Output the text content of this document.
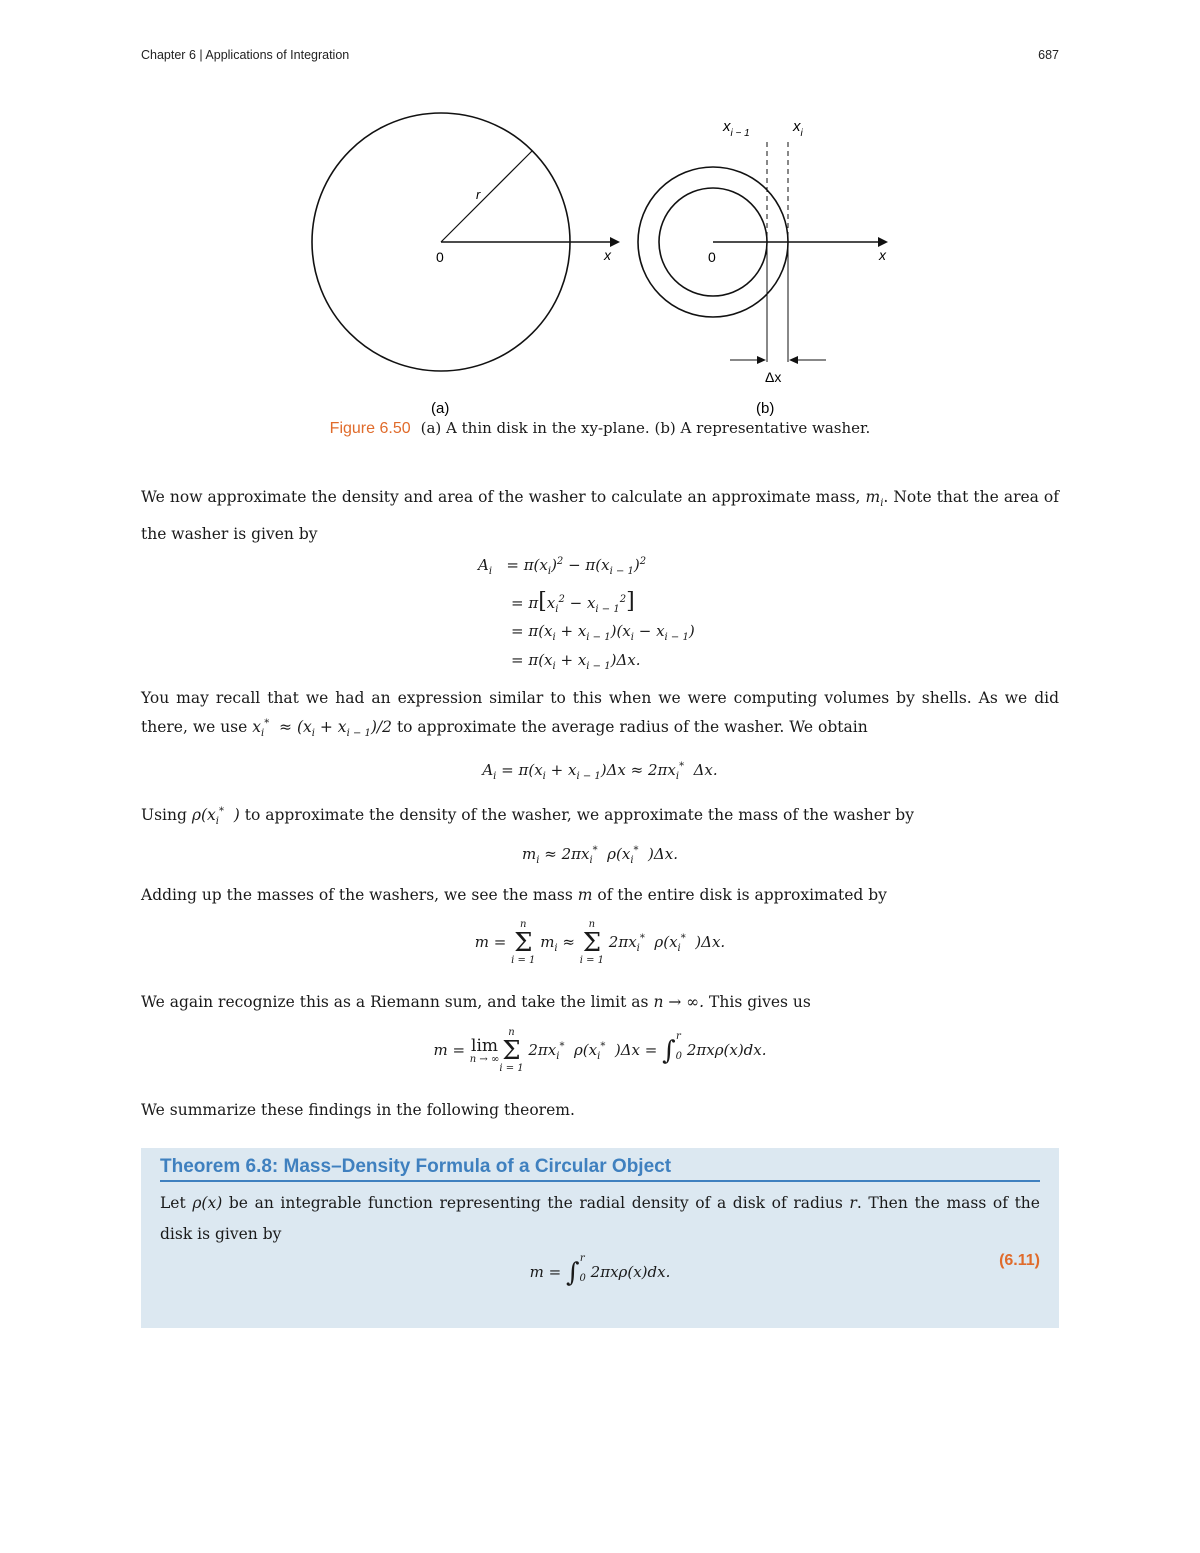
Chapter 6 | Applications of Integration	687
r
0	x
(a)
0	x
$x_{i - 1}$	$x_i$
Δx
(b)
Figure 6.50 (a) A thin disk in the xy-plane. (b) A representative washer.
We now approximate the density and area of the washer to calculate an approximate mass, $m_i$. Note that the area of the washer is given by
$A_i = \pi(x_i)^2 - \pi(x_{i - 1})^2$
= $\pi[x_i^2 - x_{i - 1}^2]$
= $\pi(x_i + x_{i - 1})(x_i - x_{i - 1})$
= $\pi(x_i + x_{i - 1})\Delta x$.
You may recall that we had an expression similar to this when we were computing volumes by shells. As we did there, we use $x_i^* \approx (x_i + x_{i - 1})/2$ to approximate the average radius of the washer. We obtain
$A_i = \pi(x_i + x_{i - 1})\Delta x \approx 2\pi x_i^*$  Δx.
Using $\rho(x_i^*$  ) to approximate the density of the washer, we approximate the mass of the washer by
$m_i \approx 2\pi x_i^*$  $\rho(x_i^*$  )Δx.
Adding up the masses of the washers, we see the mass m of the entire disk is approximated by
m =
n
Σ
i = 1
$m_i$ ≈
n
Σ
i = 1
$2\pi x_i^*$  $\rho(x_i^*$  )Δx.
We again recognize this as a Riemann sum, and take the limit as n → ∞. This gives us
m = lim
n → ∞
n
Σ
i = 1
$2\pi x_i^*$  $\rho(x_i^*$  )$\Delta x = \int_0^r2\pi x\rho(x)dx$.
We summarize these findings in the following theorem.
Theorem 6.8: Mass–Density Formula of a Circular Object
Let ρ(x) be an integrable function representing the radial density of a disk of radius r. Then the mass of the disk is given by
$m = \int_0^r2\pi x\rho(x)dx$.
(6.11)
